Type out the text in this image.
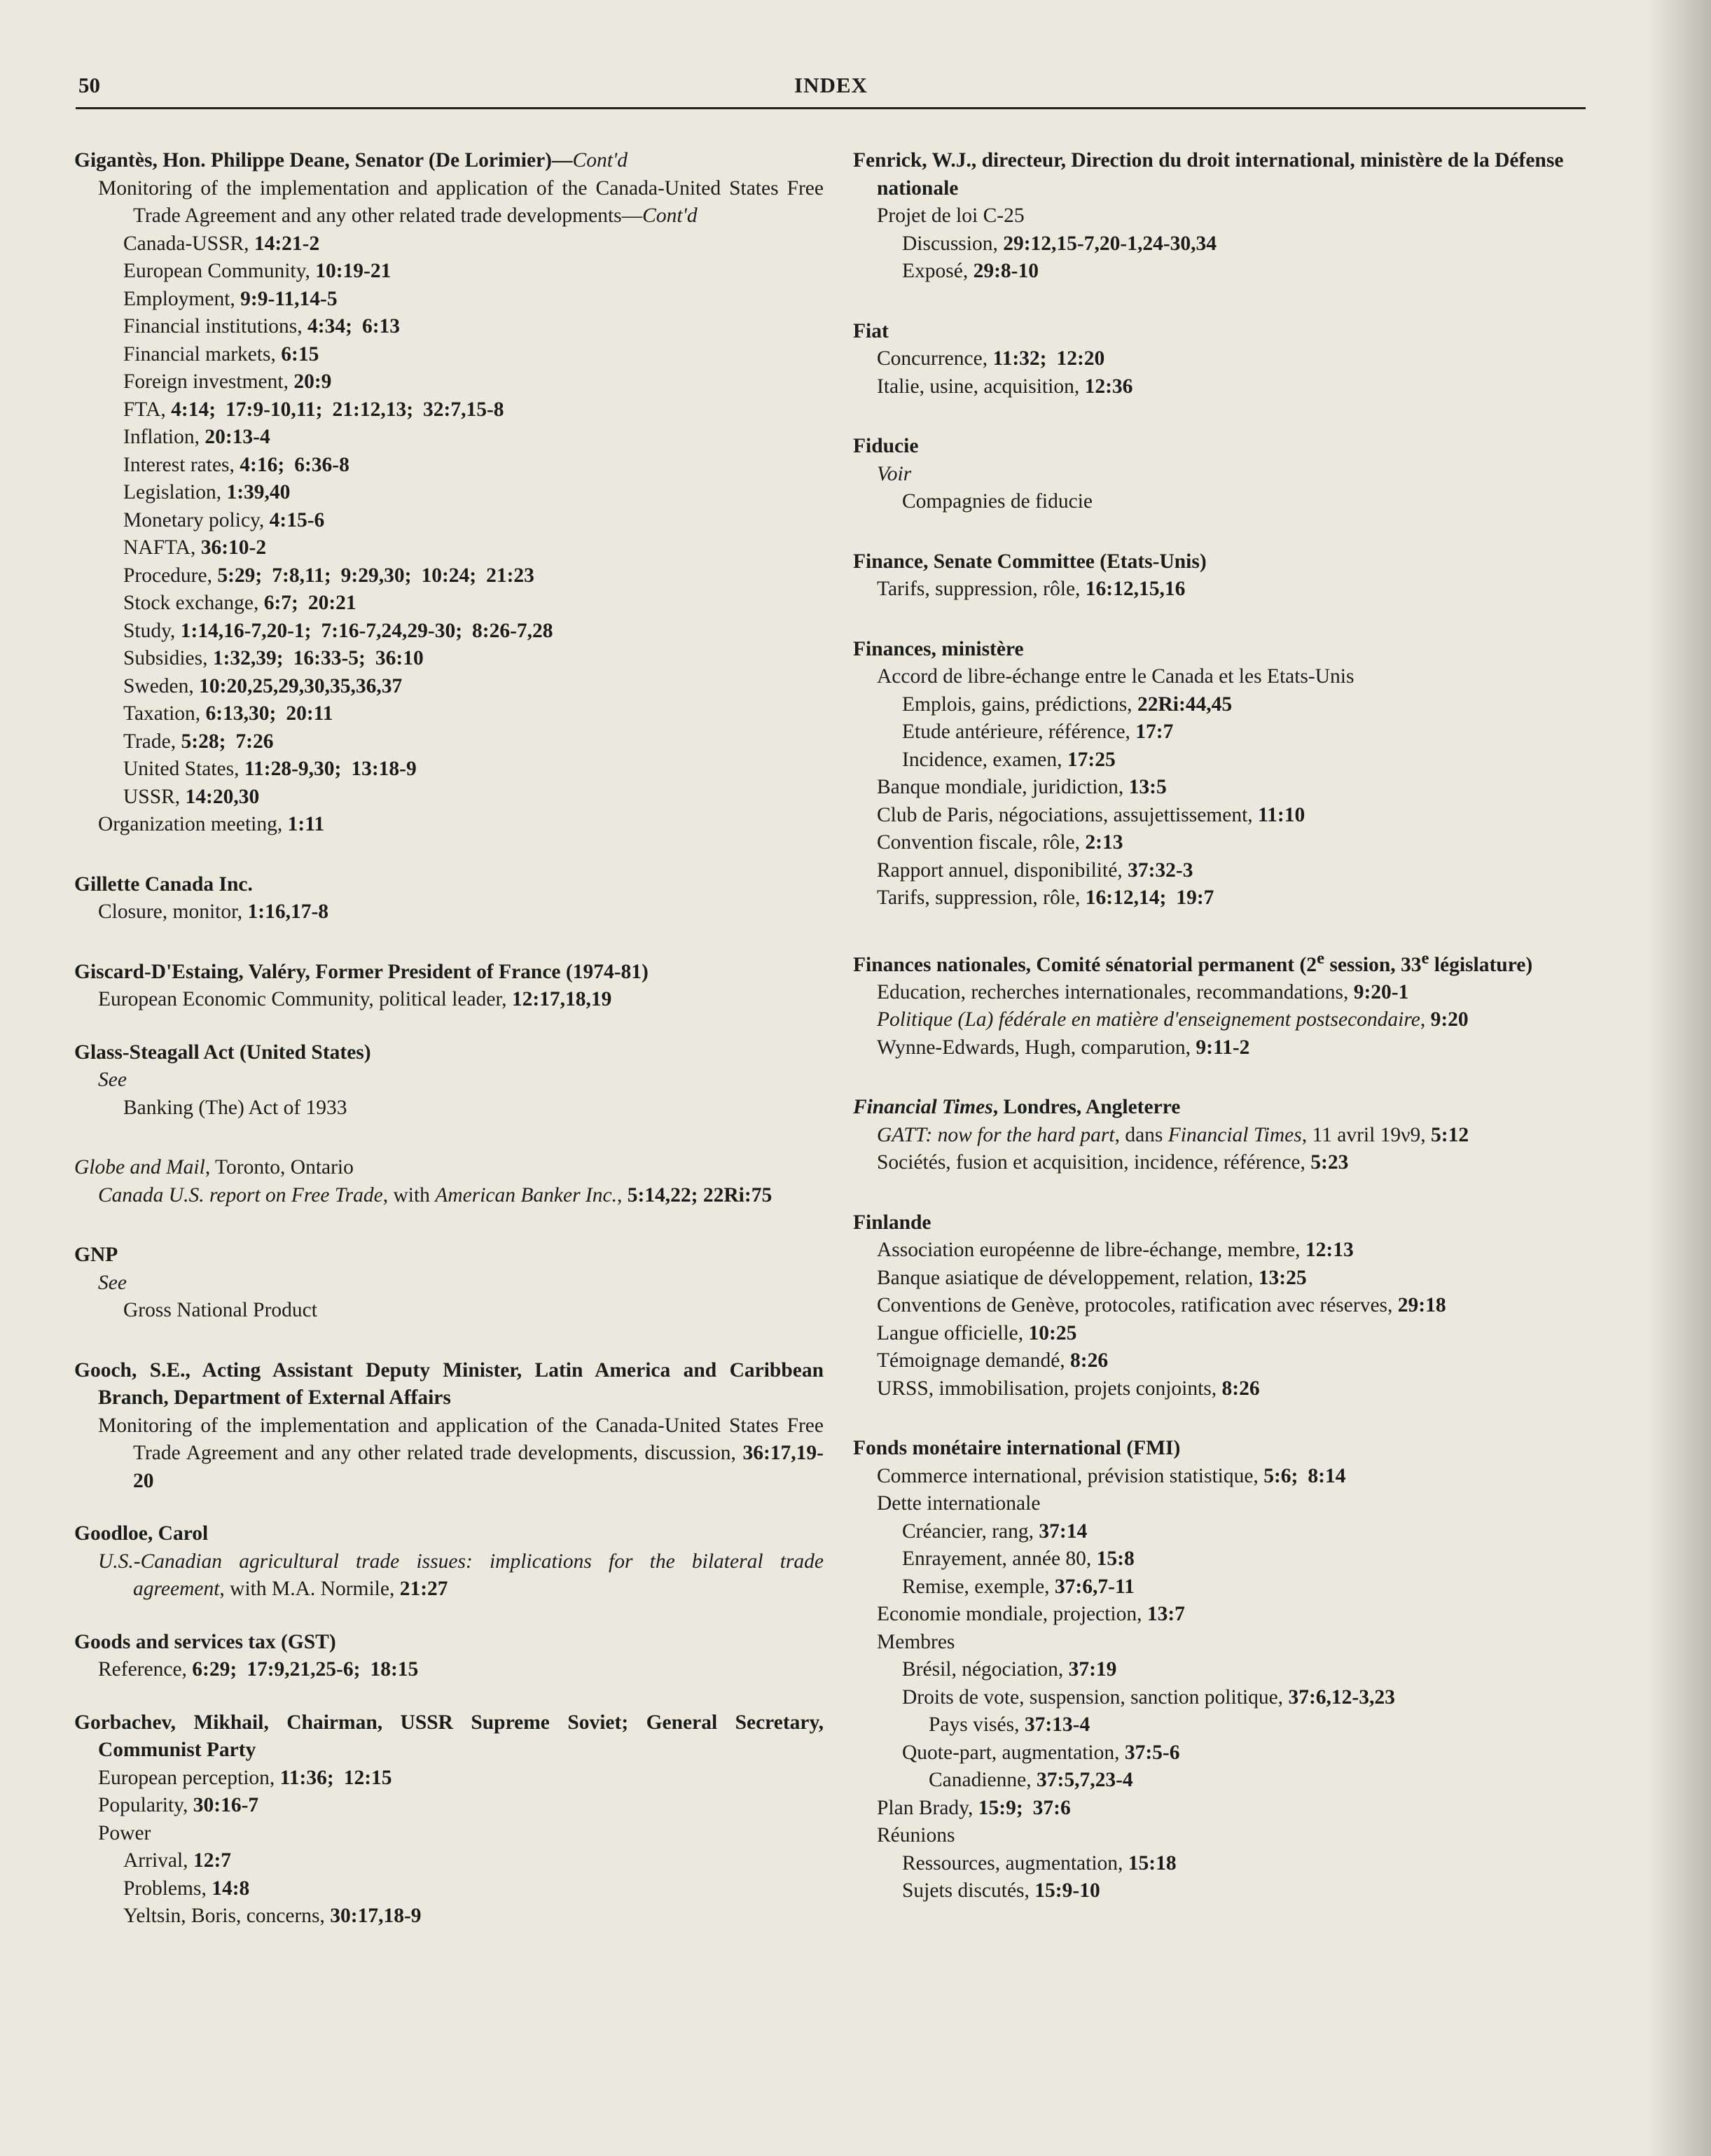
50	INDEX
Gigantès, Hon. Philippe Deane, Senator (De Lorimier)—Cont'd
Monitoring of the implementation and application of the Canada-United States Free Trade Agreement and any other related trade developments—Cont'd
Canada-USSR, 14:21-2
European Community, 10:19-21
Employment, 9:9-11,14-5
Financial institutions, 4:34; 6:13
Financial markets, 6:15
Foreign investment, 20:9
FTA, 4:14; 17:9-10,11; 21:12,13; 32:7,15-8
Inflation, 20:13-4
Interest rates, 4:16; 6:36-8
Legislation, 1:39,40
Monetary policy, 4:15-6
NAFTA, 36:10-2
Procedure, 5:29; 7:8,11; 9:29,30; 10:24; 21:23
Stock exchange, 6:7; 20:21
Study, 1:14,16-7,20-1; 7:16-7,24,29-30; 8:26-7,28
Subsidies, 1:32,39; 16:33-5; 36:10
Sweden, 10:20,25,29,30,35,36,37
Taxation, 6:13,30; 20:11
Trade, 5:28; 7:26
United States, 11:28-9,30; 13:18-9
USSR, 14:20,30
Organization meeting, 1:11
Gillette Canada Inc.
Closure, monitor, 1:16,17-8
Giscard-D'Estaing, Valéry, Former President of France (1974-81)
European Economic Community, political leader, 12:17,18,19
Glass-Steagall Act (United States)
See
Banking (The) Act of 1933
Globe and Mail, Toronto, Ontario
Canada U.S. report on Free Trade, with American Banker Inc., 5:14,22; 22Ri:75
GNP
See
Gross National Product
Gooch, S.E., Acting Assistant Deputy Minister, Latin America and Caribbean Branch, Department of External Affairs
Monitoring of the implementation and application of the Canada-United States Free Trade Agreement and any other related trade developments, discussion, 36:17,19-20
Goodloe, Carol
U.S.-Canadian agricultural trade issues: implications for the bilateral trade agreement, with M.A. Normile, 21:27
Goods and services tax (GST)
Reference, 6:29; 17:9,21,25-6; 18:15
Gorbachev, Mikhail, Chairman, USSR Supreme Soviet; General Secretary, Communist Party
European perception, 11:36; 12:15
Popularity, 30:16-7
Power
Arrival, 12:7
Problems, 14:8
Yeltsin, Boris, concerns, 30:17,18-9
Fenrick, W.J., directeur, Direction du droit international, ministère de la Défense nationale
Projet de loi C-25
Discussion, 29:12,15-7,20-1,24-30,34
Exposé, 29:8-10
Fiat
Concurrence, 11:32; 12:20
Italie, usine, acquisition, 12:36
Fiducie
Voir
Compagnies de fiducie
Finance, Senate Committee (Etats-Unis)
Tarifs, suppression, rôle, 16:12,15,16
Finances, ministère
Accord de libre-échange entre le Canada et les Etats-Unis
Emplois, gains, prédictions, 22Ri:44,45
Etude antérieure, référence, 17:7
Incidence, examen, 17:25
Banque mondiale, juridiction, 13:5
Club de Paris, négociations, assujettissement, 11:10
Convention fiscale, rôle, 2:13
Rapport annuel, disponibilité, 37:32-3
Tarifs, suppression, rôle, 16:12,14; 19:7
Finances nationales, Comité sénatorial permanent (2e session, 33e législature)
Education, recherches internationales, recommandations, 9:20-1
Politique (La) fédérale en matière d'enseignement postsecondaire, 9:20
Wynne-Edwards, Hugh, comparution, 9:11-2
Financial Times, Londres, Angleterre
GATT: now for the hard part, dans Financial Times, 11 avril 19ν9, 5:12
Sociétés, fusion et acquisition, incidence, référence, 5:23
Finlande
Association européenne de libre-échange, membre, 12:13
Banque asiatique de développement, relation, 13:25
Conventions de Genève, protocoles, ratification avec réserves, 29:18
Langue officielle, 10:25
Témoignage demandé, 8:26
URSS, immobilisation, projets conjoints, 8:26
Fonds monétaire international (FMI)
Commerce international, prévision statistique, 5:6; 8:14
Dette internationale
Créancier, rang, 37:14
Enrayement, année 80, 15:8
Remise, exemple, 37:6,7-11
Economie mondiale, projection, 13:7
Membres
Brésil, négociation, 37:19
Droits de vote, suspension, sanction politique, 37:6,12-3,23
Pays visés, 37:13-4
Quote-part, augmentation, 37:5-6
Canadienne, 37:5,7,23-4
Plan Brady, 15:9; 37:6
Réunions
Ressources, augmentation, 15:18
Sujets discutés, 15:9-10
